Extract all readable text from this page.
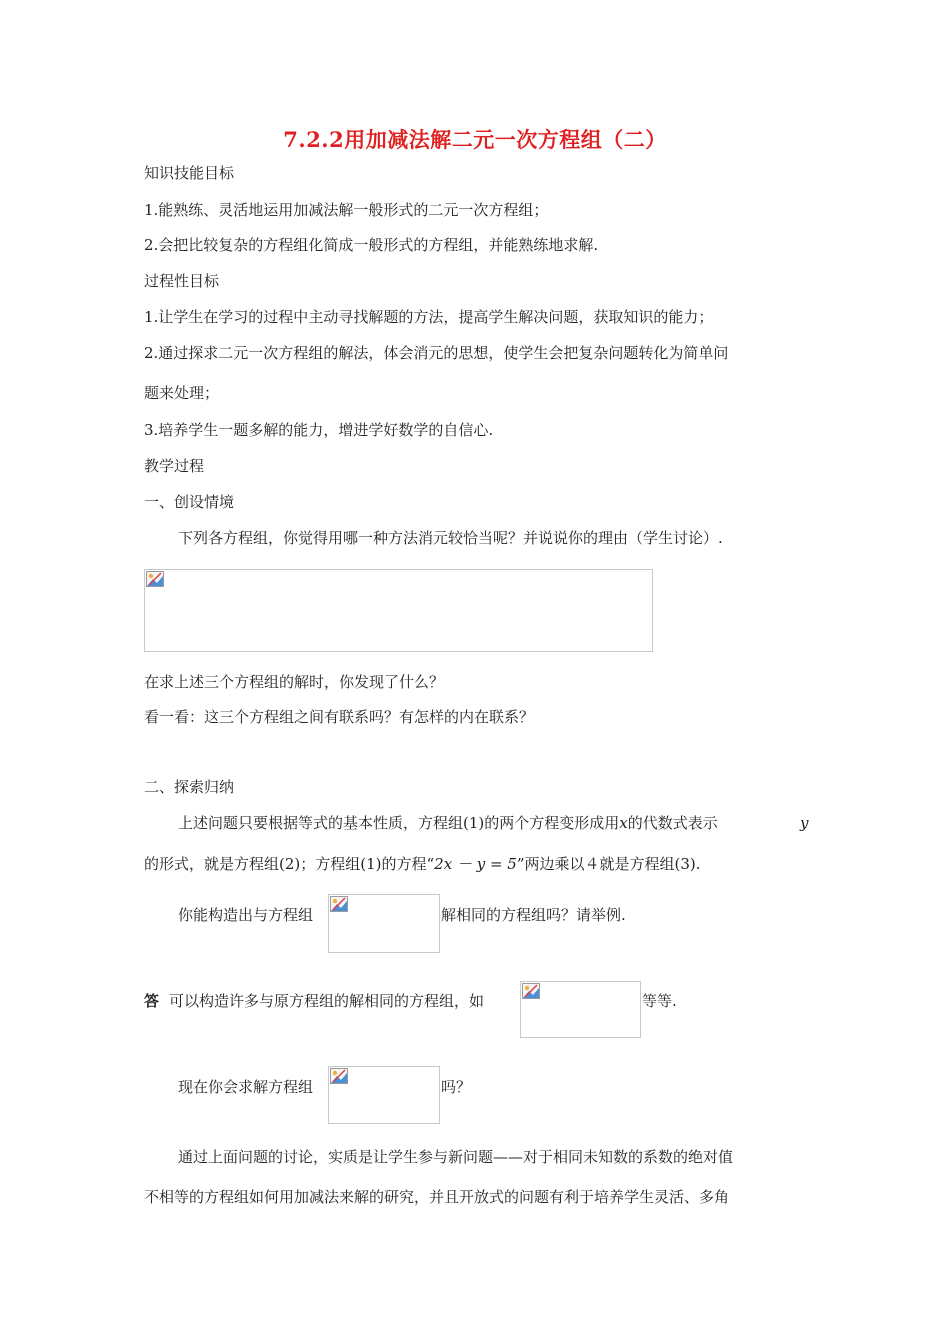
7.2.2用加减法解二元一次方程组（二）
知识技能目标
1.能熟练、灵活地运用加减法解一般形式的二元一次方程组；
2.会把比较复杂的方程组化简成一般形式的方程组，并能熟练地求解.
过程性目标
1.让学生在学习的过程中主动寻找解题的方法，提高学生解决问题，获取知识的能力；
2.通过探求二元一次方程组的解法，体会消元的思想，使学生会把复杂问题转化为简单问
题来处理；
3.培养学生一题多解的能力，增进学好数学的自信心.
教学过程
一、创设情境
下列各方程组，你觉得用哪一种方法消元较恰当呢？并说说你的理由（学生讨论）.
在求上述三个方程组的解时，你发现了什么？
看一看：这三个方程组之间有联系吗？有怎样的内在联系？
二、探索归纳
上述问题只要根据等式的基本性质，方程组(1)的两个方程变形成用x的代数式表示	y
的形式，就是方程组(2)；方程组(1)的方程“2x － y = 5”两边乘以４就是方程组(3).
你能构造出与方程组	解相同的方程组吗？请举例.
答 可以构造许多与原方程组的解相同的方程组，如	等等.
现在你会求解方程组	吗？
通过上面问题的讨论，实质是让学生参与新问题——对于相同未知数的系数的绝对值
不相等的方程组如何用加减法来解的研究，并且开放式的问题有利于培养学生灵活、多角
